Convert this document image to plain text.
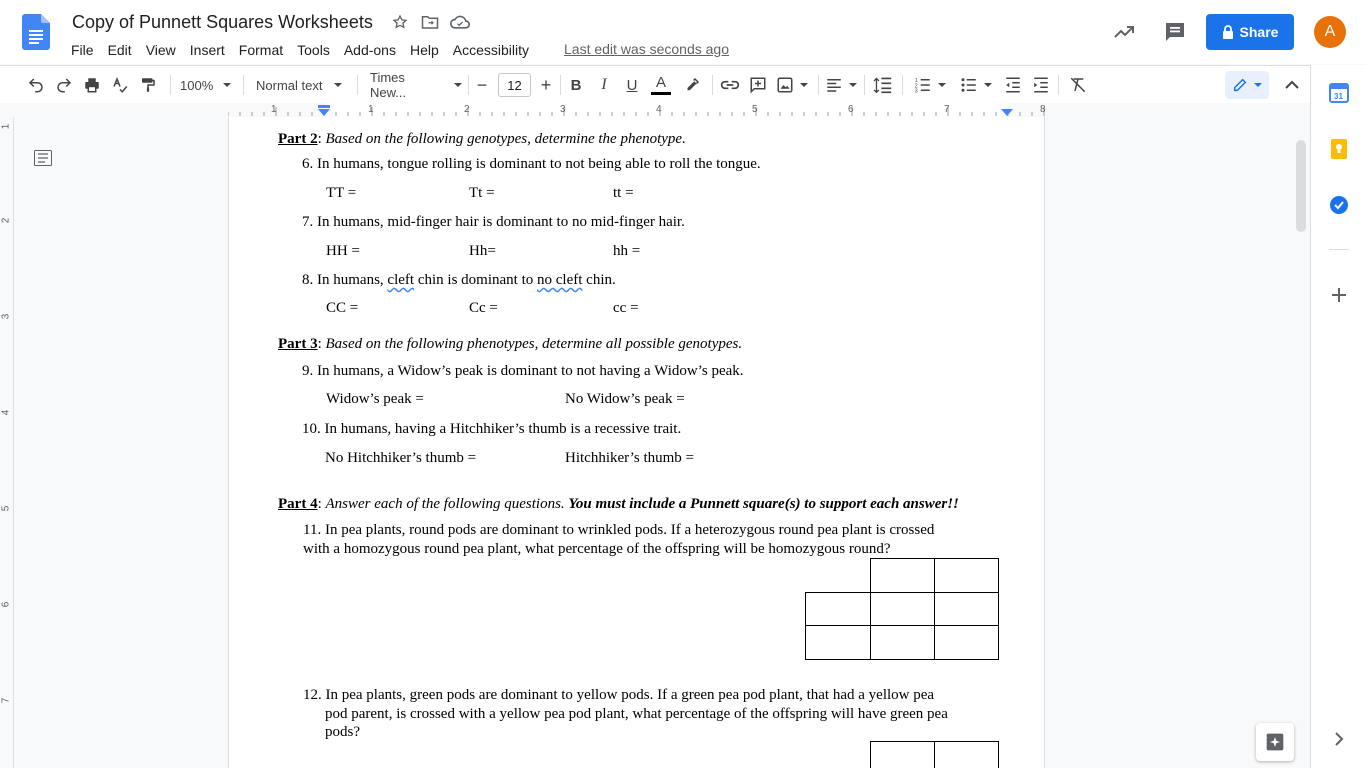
Copy of Punnett Squares Worksheets
File	Edit	View	Insert	Format	Tools	Add-ons	Help	Accessibility	Last edit was seconds ago
Share	A
100%	Normal text	Times New...	−	12	+	B	I	U	A	1
2
3
1	1	2	3	4	5	6	7	8
1
2
3
4
5
6
7
Part 2: Based on the following genotypes, determine the phenotype.
6. In humans, tongue rolling is dominant to not being able to roll the tongue.
TT =	Tt =	tt =
7. In humans, mid-finger hair is dominant to no mid-finger hair.
HH =	Hh=	hh =
8. In humans, cleft chin is dominant to no cleft chin.
CC =	Cc =	cc =
Part 3: Based on the following phenotypes, determine all possible genotypes.
9. In humans, a Widow’s peak is dominant to not having a Widow’s peak.
Widow’s peak =	No Widow’s peak =
10. In humans, having a Hitchhiker’s thumb is a recessive trait.
No Hitchhiker’s thumb =	Hitchhiker’s thumb =
Part 4: Answer each of the following questions. You must include a Punnett square(s) to support each answer!!
11. In pea plants, round pods are dominant to wrinkled pods. If a heterozygous round pea plant is crossed
with a homozygous round pea plant, what percentage of the offspring will be homozygous round?

12. In pea plants, green pods are dominant to yellow pods. If a green pea pod plant, that had a yellow pea
pod parent, is crossed with a yellow pea pod plant, what percentage of the offspring will have green pea
pods?

31
